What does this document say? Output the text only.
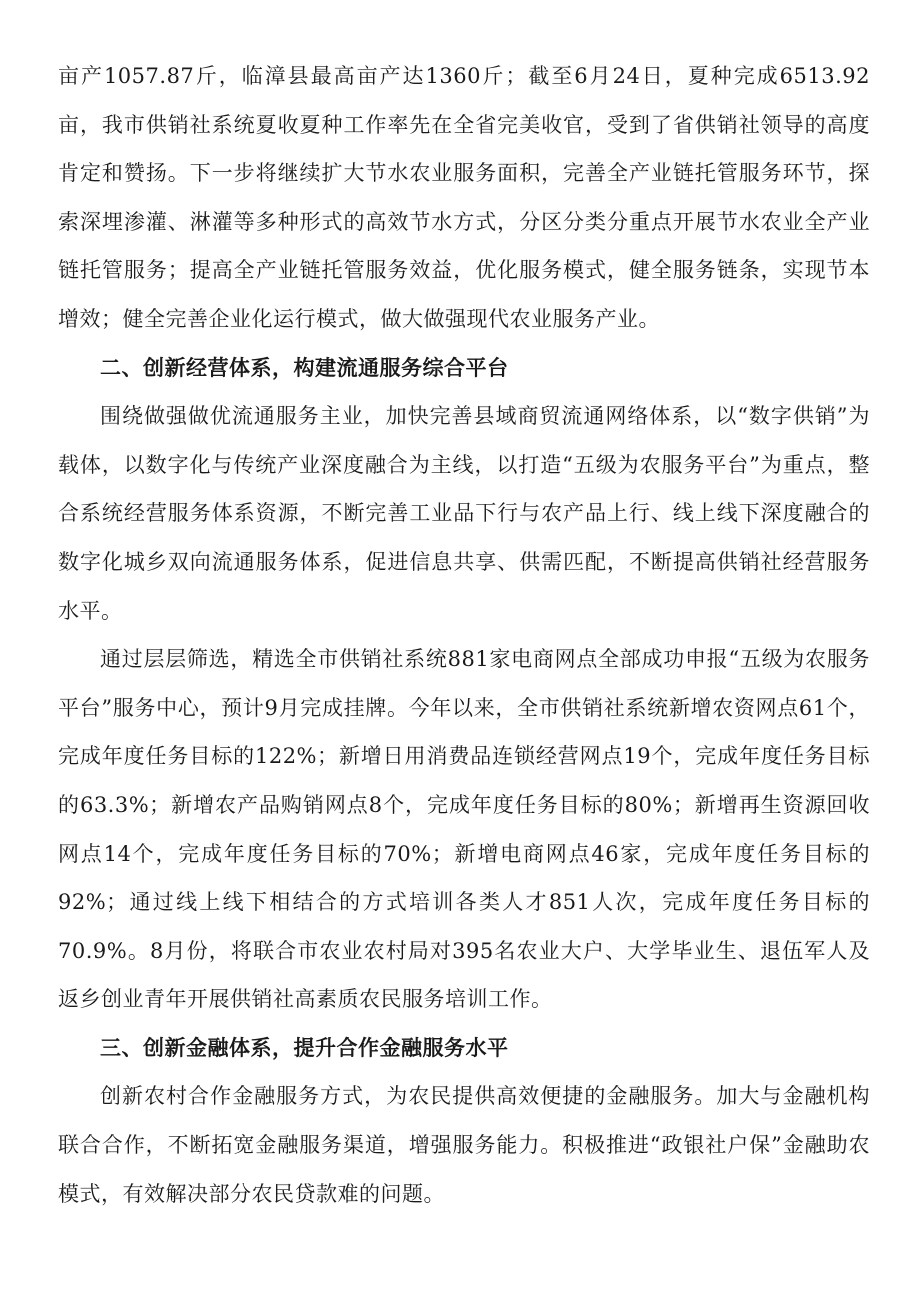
亩产1057.87斤，临漳县最高亩产达1360斤；截至6月24日，夏种完成6513.92亩，我市供销社系统夏收夏种工作率先在全省完美收官，受到了省供销社领导的高度肯定和赞扬。下一步将继续扩大节水农业服务面积，完善全产业链托管服务环节，探索深埋渗灌、淋灌等多种形式的高效节水方式，分区分类分重点开展节水农业全产业链托管服务；提高全产业链托管服务效益，优化服务模式，健全服务链条，实现节本增效；健全完善企业化运行模式，做大做强现代农业服务产业。

二、创新经营体系，构建流通服务综合平台

围绕做强做优流通服务主业，加快完善县域商贸流通网络体系，以“数字供销”为载体，以数字化与传统产业深度融合为主线，以打造“五级为农服务平台”为重点，整合系统经营服务体系资源，不断完善工业品下行与农产品上行、线上线下深度融合的数字化城乡双向流通服务体系，促进信息共享、供需匹配，不断提高供销社经营服务水平。

通过层层筛选，精选全市供销社系统881家电商网点全部成功申报“五级为农服务平台”服务中心，预计9月完成挂牌。今年以来，全市供销社系统新增农资网点61个，完成年度任务目标的122%；新增日用消费品连锁经营网点19个，完成年度任务目标的63.3%；新增农产品购销网点8个，完成年度任务目标的80%；新增再生资源回收网点14个，完成年度任务目标的70%；新增电商网点46家，完成年度任务目标的92%；通过线上线下相结合的方式培训各类人才851人次，完成年度任务目标的70.9%。8月份，将联合市农业农村局对395名农业大户、大学毕业生、退伍军人及返乡创业青年开展供销社高素质农民服务培训工作。

三、创新金融体系，提升合作金融服务水平

创新农村合作金融服务方式，为农民提供高效便捷的金融服务。加大与金融机构联合合作，不断拓宽金融服务渠道，增强服务能力。积极推进“政银社户保”金融助农模式，有效解决部分农民贷款难的问题。
